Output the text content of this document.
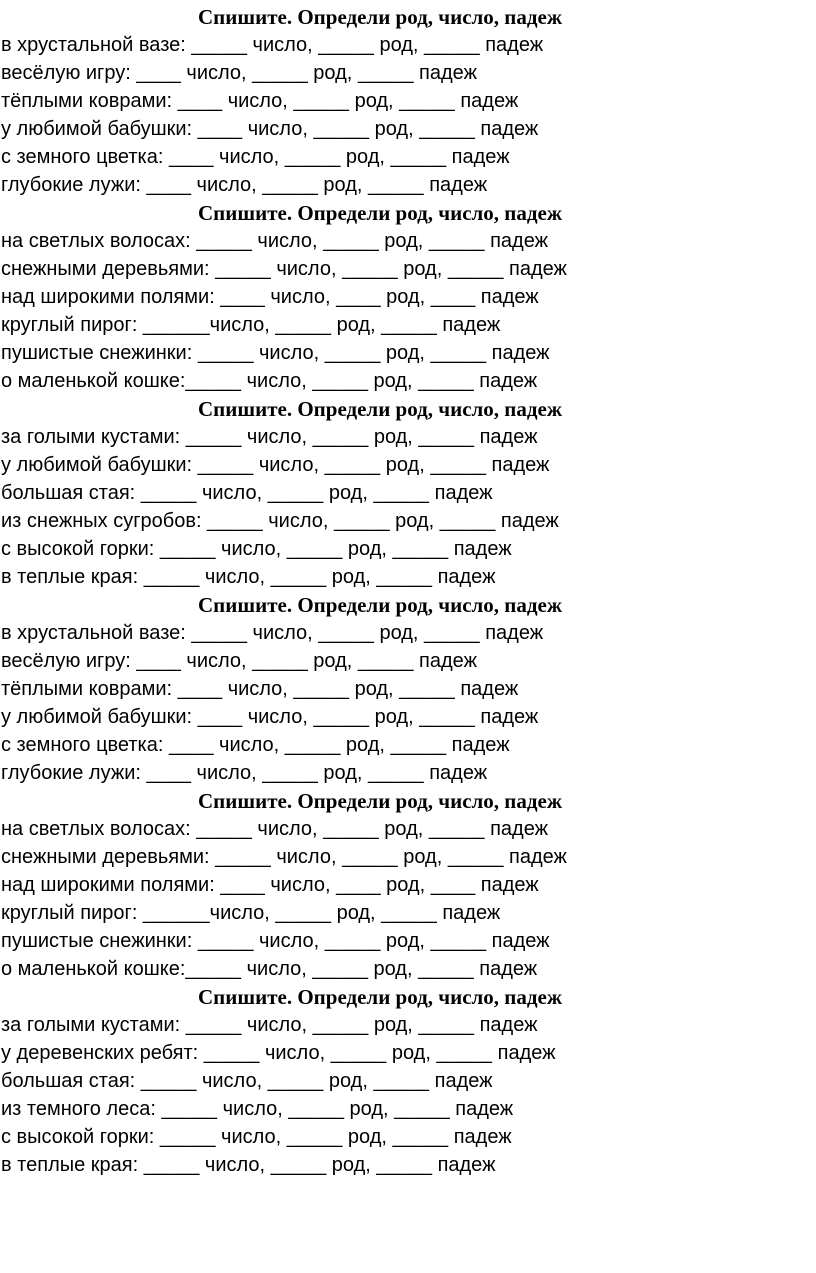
Спишите. Определи род, число, падеж
в хрустальной вазе: _____ число, _____ род, _____ падеж
весёлую игру: ____ число, _____ род, _____ падеж
тёплыми коврами: ____ число, _____ род, _____ падеж
у любимой бабушки: ____ число, _____ род, _____ падеж
с земного цветка: ____ число, _____ род, _____ падеж
глубокие лужи: ____ число, _____ род, _____ падеж
Спишите. Определи род, число, падеж
на светлых волосах: _____ число, _____ род, _____ падеж
снежными деревьями: _____ число, _____ род, _____ падеж
над широкими полями: ____ число, ____ род, ____ падеж
круглый пирог: ______число, _____ род, _____ падеж
пушистые снежинки: _____ число, _____ род, _____ падеж
о маленькой кошке:_____ число, _____ род, _____ падеж
Спишите. Определи род, число, падеж
за голыми кустами: _____ число, _____ род, _____ падеж
у любимой бабушки: _____ число, _____ род, _____ падеж
большая стая: _____ число, _____ род, _____ падеж
из снежных сугробов: _____ число, _____ род, _____ падеж
с высокой горки: _____ число, _____ род, _____ падеж
в теплые края: _____ число, _____ род, _____ падеж
Спишите. Определи род, число, падеж
в хрустальной вазе: _____ число, _____ род, _____ падеж
весёлую игру: ____ число, _____ род, _____ падеж
тёплыми коврами: ____ число, _____ род, _____ падеж
у любимой бабушки: ____ число, _____ род, _____ падеж
с земного цветка: ____ число, _____ род, _____ падеж
глубокие лужи: ____ число, _____ род, _____ падеж
Спишите. Определи род, число, падеж
на светлых волосах: _____ число, _____ род, _____ падеж
снежными деревьями: _____ число, _____ род, _____ падеж
над широкими полями: ____ число, ____ род, ____ падеж
круглый пирог: ______число, _____ род, _____ падеж
пушистые снежинки: _____ число, _____ род, _____ падеж
о маленькой кошке:_____ число, _____ род, _____ падеж
Спишите. Определи род, число, падеж
за голыми кустами: _____ число, _____ род, _____ падеж
у деревенских ребят: _____ число, _____ род, _____ падеж
большая стая: _____ число, _____ род, _____ падеж
из темного леса: _____ число, _____ род, _____ падеж
с высокой горки: _____ число, _____ род, _____ падеж
в теплые края: _____ число, _____ род, _____ падеж
